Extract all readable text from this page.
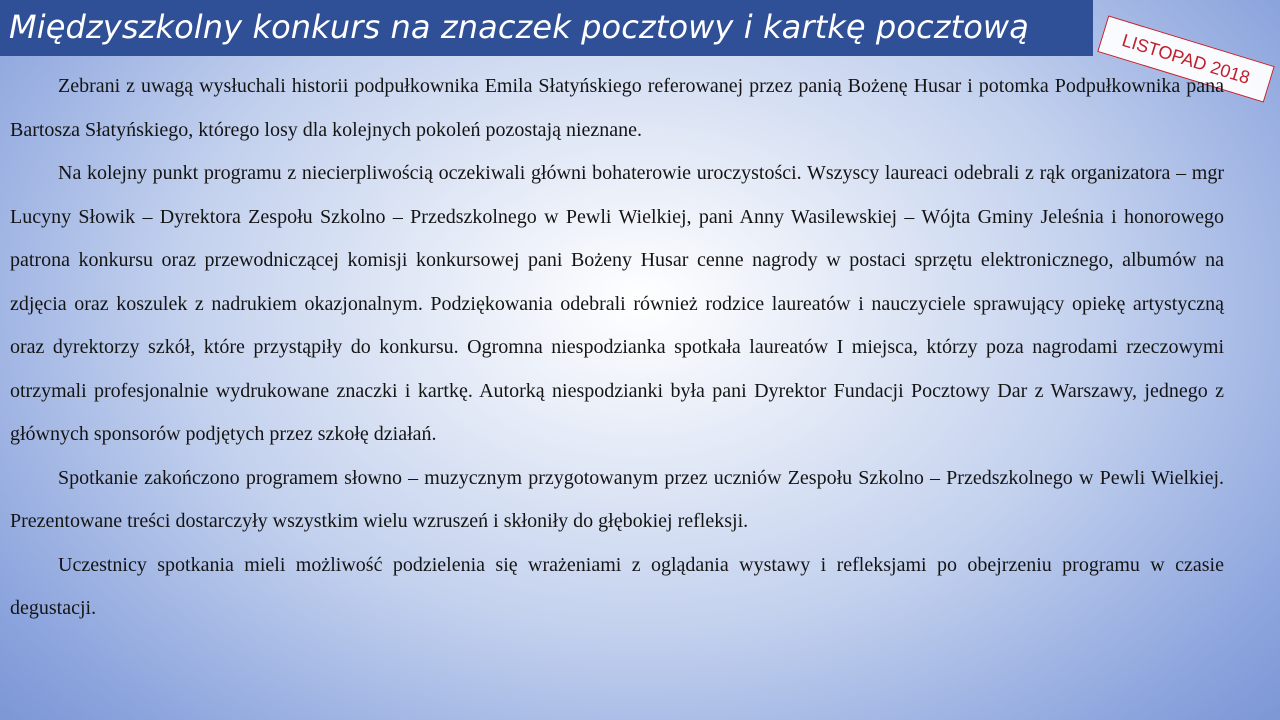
Międzyszkolny konkurs na znaczek pocztowy i kartkę pocztową
LISTOPAD 2018

Zebrani z uwagą wysłuchali historii podpułkownika Emila Słatyńskiego referowanej przez panią Bożenę Husar i potomka Podpułkownika pana Bartosza Słatyńskiego, którego losy dla kolejnych pokoleń pozostają nieznane.

Na kolejny punkt programu z niecierpliwością oczekiwali główni bohaterowie uroczystości. Wszyscy laureaci odebrali z rąk organizatora – mgr Lucyny Słowik – Dyrektora Zespołu Szkolno – Przedszkolnego w Pewli Wielkiej, pani Anny Wasilewskiej – Wójta Gminy Jeleśnia i honorowego patrona konkursu oraz przewodniczącej komisji konkursowej pani Bożeny Husar cenne nagrody w postaci sprzętu elektronicznego, albumów na zdjęcia oraz koszulek z nadrukiem okazjonalnym. Podziękowania odebrali również rodzice laureatów i nauczyciele sprawujący opiekę artystyczną oraz dyrektorzy szkół, które przystąpiły do konkursu. Ogromna niespodzianka spotkała laureatów I miejsca, którzy poza nagrodami rzeczowymi otrzymali profesjonalnie wydrukowane znaczki i kartkę. Autorką niespodzianki była pani Dyrektor Fundacji Pocztowy Dar z Warszawy, jednego z głównych sponsorów podjętych przez szkołę działań.

Spotkanie zakończono programem słowno – muzycznym przygotowanym przez uczniów Zespołu Szkolno – Przedszkolnego w Pewli Wielkiej. Prezentowane treści dostarczyły wszystkim wielu wzruszeń i skłoniły do głębokiej refleksji.

Uczestnicy spotkania mieli możliwość podzielenia się wrażeniami z oglądania wystawy i refleksjami po obejrzeniu programu w czasie degustacji.
